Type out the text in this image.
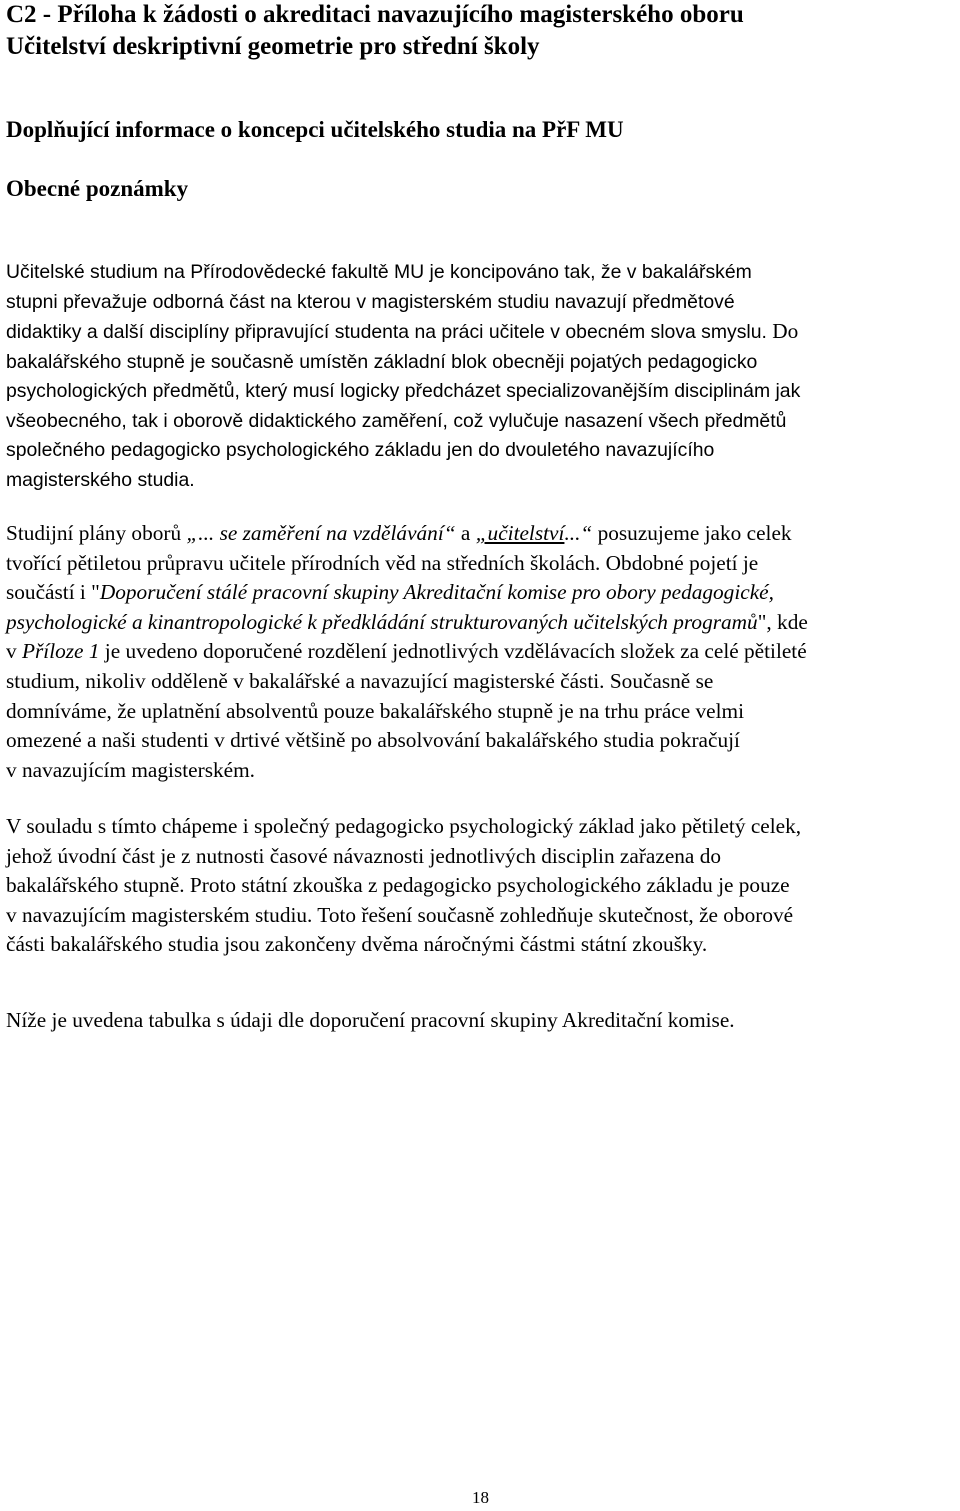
C2 - Příloha k žádosti o akreditaci navazujícího magisterského oboru
Učitelství deskriptivní geometrie pro střední školy
Doplňující informace o koncepci učitelského studia na PřF MU
Obecné poznámky
Učitelské studium na Přírodovědecké fakultě MU je koncipováno tak, že v bakalářském
stupni převažuje odborná část na kterou v magisterském studiu navazují předmětové
didaktiky a další disciplíny připravující studenta na práci učitele v obecném slova smyslu. Do
bakalářského stupně je současně umístěn základní blok obecněji pojatých pedagogicko
psychologických předmětů, který musí logicky předcházet specializovanějším disciplinám jak
všeobecného, tak i oborově didaktického zaměření, což vylučuje nasazení všech předmětů
společného pedagogicko psychologického základu jen do dvouletého navazujícího
magisterského studia.
Studijní plány oborů „... se zaměření na vzdělávání“ a „učitelství...“ posuzujeme jako celek
tvořící pětiletou průpravu učitele přírodních věd na středních školách. Obdobné pojetí je
součástí i "Doporučení stálé pracovní skupiny Akreditační komise pro obory pedagogické,
psychologické a kinantropologické k předkládání strukturovaných učitelských programů", kde
v Příloze 1 je uvedeno doporučené rozdělení jednotlivých vzdělávacích složek za celé pětileté
studium, nikoliv odděleně v bakalářské a navazující magisterské části. Současně se
domníváme, že uplatnění absolventů pouze bakalářského stupně je na trhu práce velmi
omezené a naši studenti v drtivé většině po absolvování bakalářského studia pokračují
v navazujícím magisterském.
V souladu s tímto chápeme i společný pedagogicko psychologický základ jako pětiletý celek,
jehož úvodní část je z nutnosti časové návaznosti jednotlivých disciplin zařazena do
bakalářského stupně. Proto státní zkouška z pedagogicko psychologického základu je pouze
v navazujícím magisterském studiu. Toto řešení současně zohledňuje skutečnost, že oborové
části bakalářského studia jsou zakončeny dvěma náročnými částmi státní zkoušky.
Níže je uvedena tabulka s údaji dle doporučení pracovní skupiny Akreditační komise.
18
